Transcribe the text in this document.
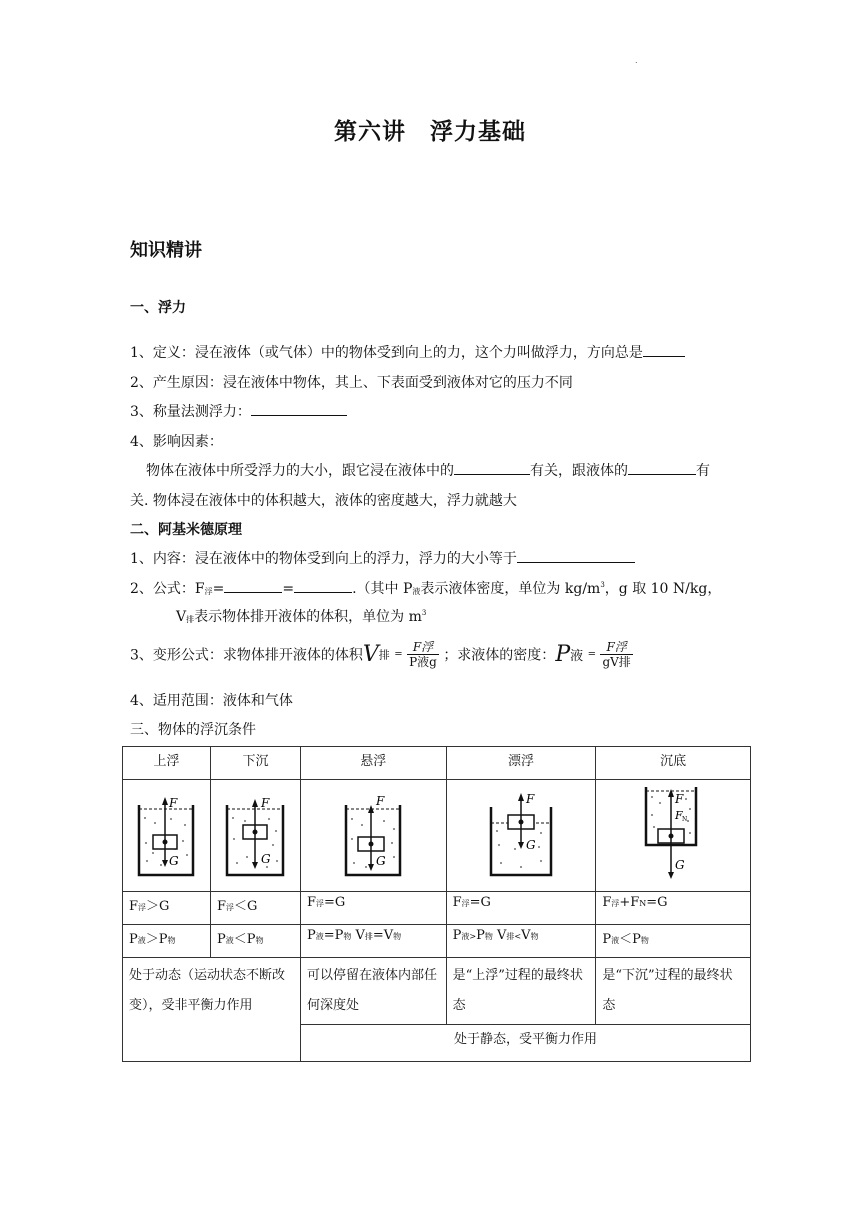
.
第六讲　浮力基础
知识精讲
一、浮力
1、定义：浸在液体（或气体）中的物体受到向上的力，这个力叫做浮力，方向总是
2、产生原因：浸在液体中物体，其上、下表面受到液体对它的压力不同
3、称量法测浮力：
4、影响因素：
物体在液体中所受浮力的大小，跟它浸在液体中的	有关，跟液体的	有
关. 物体浸在液体中的体积越大，液体的密度越大，浮力就越大
二、阿基米德原理
1、内容：浸在液体中的物体受到向上的浮力，浮力的大小等于
2、公式：F浮=	=	.（其中 P液表示液体密度，单位为 $kg/m^3$，g 取 10 N/kg，
V排表示物体排开液体的体积，单位为 $m^3$
3、变形公式：求物体排开液体的体积V排 = $\frac{\text{F浮}}{\text{P液g}}$ ；求液体的密度：P液 = $\frac{\text{F浮}}{\text{gV排}}$
4、适用范围：液体和气体
三、物体的浮沉条件
上浮	下沉	悬浮	漂浮	沉底

F
G	F
G	F
G	F
G	F
F N
G

F浮＞G	F浮＜G	F浮=G	F浮=G	F浮+FN=G
P液＞P物	P液＜P物	P液=P物 V排=V物	P液>P物 V排<V物	P液＜P物
处于动态（运动状态不断改变），受非平衡力作用		可以停留在液体内部任何深度处	是“上浮”过程的最终状态	是“下沉”过程的最终状态
		处于静态，受平衡力作用		
